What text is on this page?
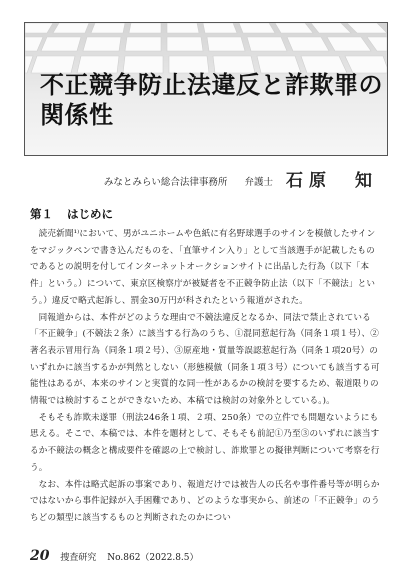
不正競争防止法違反と詐欺罪の
関係性
みなとみらい総合法律事務所 弁護士 石原　知
第１ はじめに

読売新聞¹⁾において、男がユニホームや色紙に有名野球選手のサインを模倣したサインをマジックペンで書き込んだものを、「直筆サイン入り」として当該選手が記載したものであるとの説明を付してインターネットオークションサイトに出品した行為（以下「本件」という。）について、東京区検察庁が被疑者を不正競争防止法（以下「不競法」という。）違反で略式起訴し、罰金30万円が科されたという報道がされた。

同報道からは、本件がどのような理由で不競法違反となるか、同法で禁止されている「不正競争」(不競法２条）に該当する行為のうち、①混同惹起行為（同条１項１号）、②著名表示冒用行為（同条１項２号）、③原産地・質量等誤認惹起行為（同条１項20号）のいずれかに該当するかが判然としない（形態模倣（同条１項３号）についても該当する可能性はあるが、本来のサインと実質的な同一性があるかの検討を要するため、報道限りの情報では検討することができないため、本稿では検討の対象外としている。)。

そもそも詐欺未遂罪（刑法246条１項、２項、250条）での立件でも問題ないようにも思える。そこで、本稿では、本件を題材として、そもそも前記①乃至③のいずれに該当するか不競法の概念と構成要件を確認の上で検討し、詐欺罪との擬律判断について考察を行う。

なお、本件は略式起訴の事案であり、報道だけでは被告人の氏名や事件番号等が明らかではないから事件記録が入手困難であり、どのような事実から、前述の「不正競争」のうちどの類型に該当するものと判断されたのかについ

20 捜査研究 No.862（2022.8.5）
